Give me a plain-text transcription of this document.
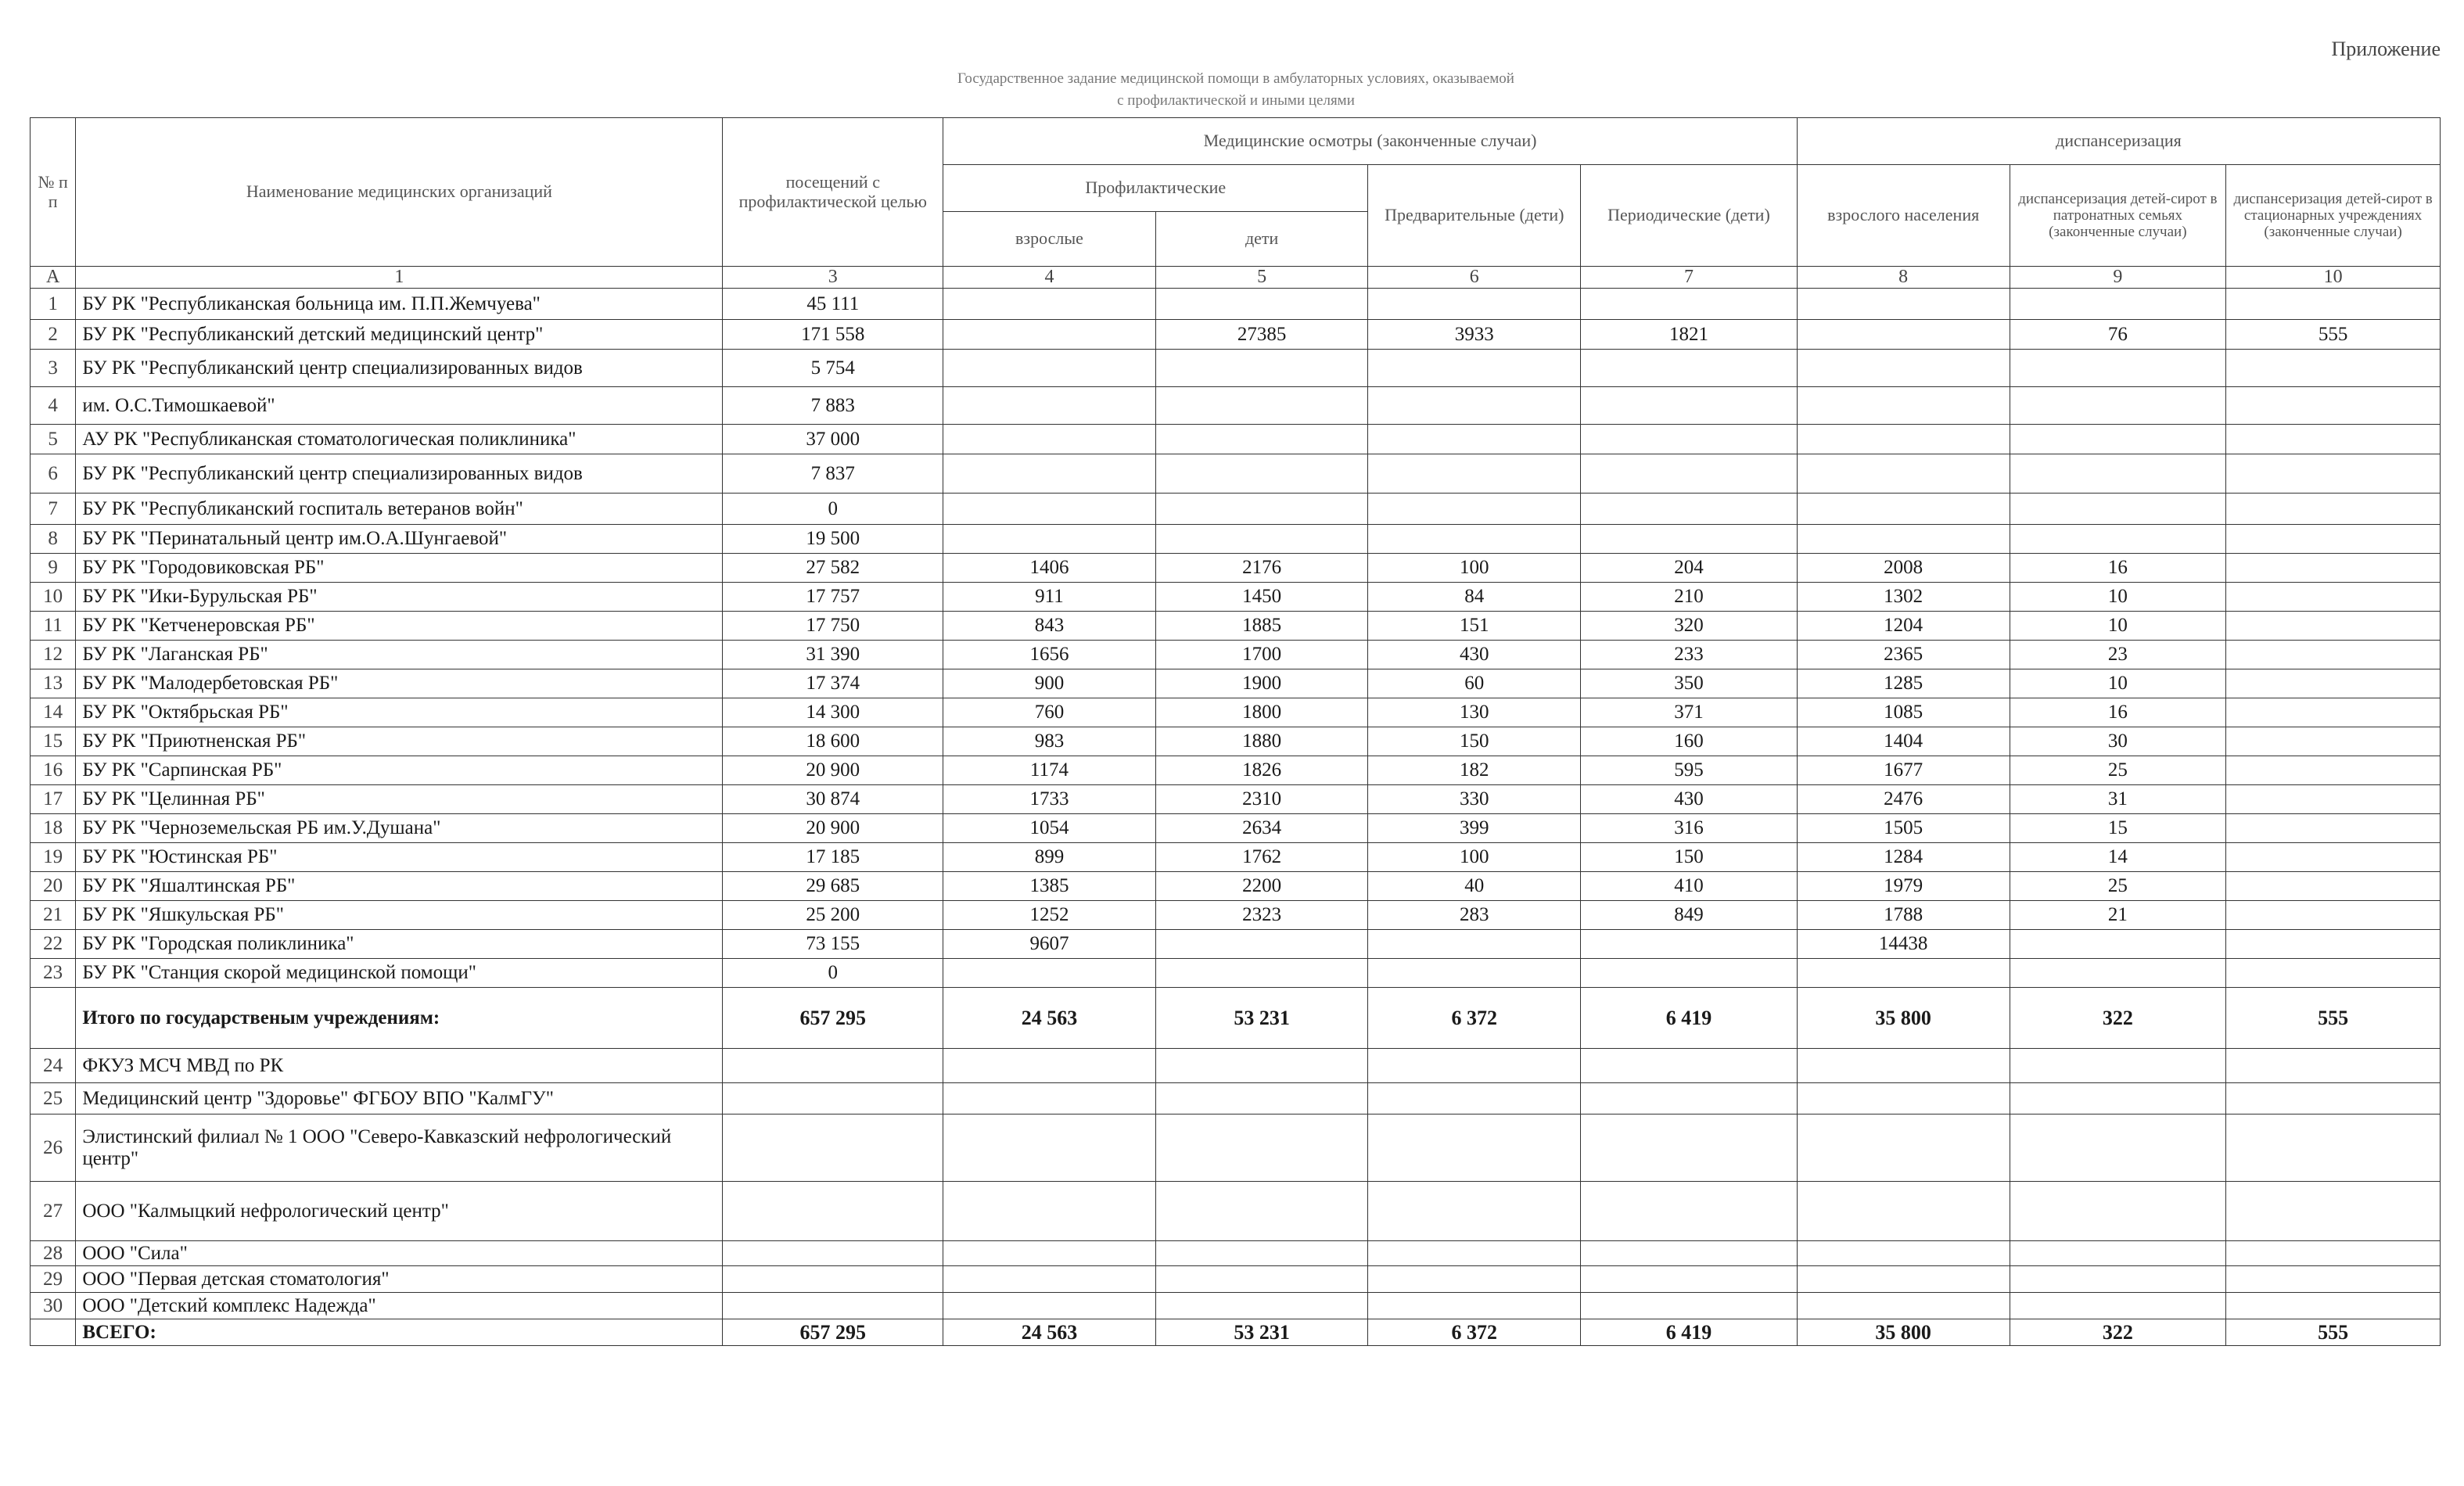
Приложение
Государственное задание медицинской помощи в амбулаторных условиях, оказываемой
с профилактической и иными целями
№ п п	Наименование медицинских организаций	посещений с профилактической целью	Медицинские осмотры (законченные случаи)				диспансеризация		
			Профилактические		Предварительные (дети)	Периодические (дети)	взрослого населения	диспансеризация детей-сирот в патронатных семьях (законченные случаи)	диспансеризация детей-сирот в стационарных учреждениях (законченные случаи)
			взрослые	дети					
А	1	3	4	5	6	7	8	9	10
1	БУ РК "Республиканская больница им. П.П.Жемчуева"	45 111							
2	БУ РК "Республиканский детский медицинский центр"	171 558		27385	3933	1821		76	555
3	БУ РК "Республиканский центр специализированных видов	5 754							
4	им. О.С.Тимошкаевой"	7 883							
5	АУ РК "Республиканская стоматологическая поликлиника"	37 000							
6	БУ РК "Республиканский центр специализированных видов	7 837							
7	БУ РК "Республиканский госпиталь ветеранов войн"	0							
8	БУ РК "Перинатальный центр им.О.А.Шунгаевой"	19 500							
9	БУ РК "Городовиковская РБ"	27 582	1406	2176	100	204	2008	16	
10	БУ РК "Ики-Бурульская РБ"	17 757	911	1450	84	210	1302	10	
11	БУ РК "Кетченеровская РБ"	17 750	843	1885	151	320	1204	10	
12	БУ РК "Лаганская РБ"	31 390	1656	1700	430	233	2365	23	
13	БУ РК "Малодербетовская РБ"	17 374	900	1900	60	350	1285	10	
14	БУ РК "Октябрьская РБ"	14 300	760	1800	130	371	1085	16	
15	БУ РК "Приютненская РБ"	18 600	983	1880	150	160	1404	30	
16	БУ РК "Сарпинская РБ"	20 900	1174	1826	182	595	1677	25	
17	БУ РК "Целинная РБ"	30 874	1733	2310	330	430	2476	31	
18	БУ РК "Черноземельская РБ им.У.Душана"	20 900	1054	2634	399	316	1505	15	
19	БУ РК "Юстинская РБ"	17 185	899	1762	100	150	1284	14	
20	БУ РК "Яшалтинская РБ"	29 685	1385	2200	40	410	1979	25	
21	БУ РК "Яшкульская РБ"	25 200	1252	2323	283	849	1788	21	
22	БУ РК "Городская поликлиника"	73 155	9607				14438		
23	БУ РК "Станция скорой медицинской помощи"	0							
	Итого по государственым учреждениям:	657 295	24 563	53 231	6 372	6 419	35 800	322	555
24	ФКУЗ МСЧ МВД по РК								
25	Медицинский центр "Здоровье" ФГБОУ ВПО "КалмГУ"								
26	Элистинский филиал № 1 ООО "Северо-Кавказский нефрологический центр"								
27	ООО "Калмыцкий нефрологический центр"								
28	ООО "Сила"								
29	ООО "Первая детская стоматология"								
30	ООО "Детский комплекс Надежда"								
	ВСЕГО:	657 295	24 563	53 231	6 372	6 419	35 800	322	555
